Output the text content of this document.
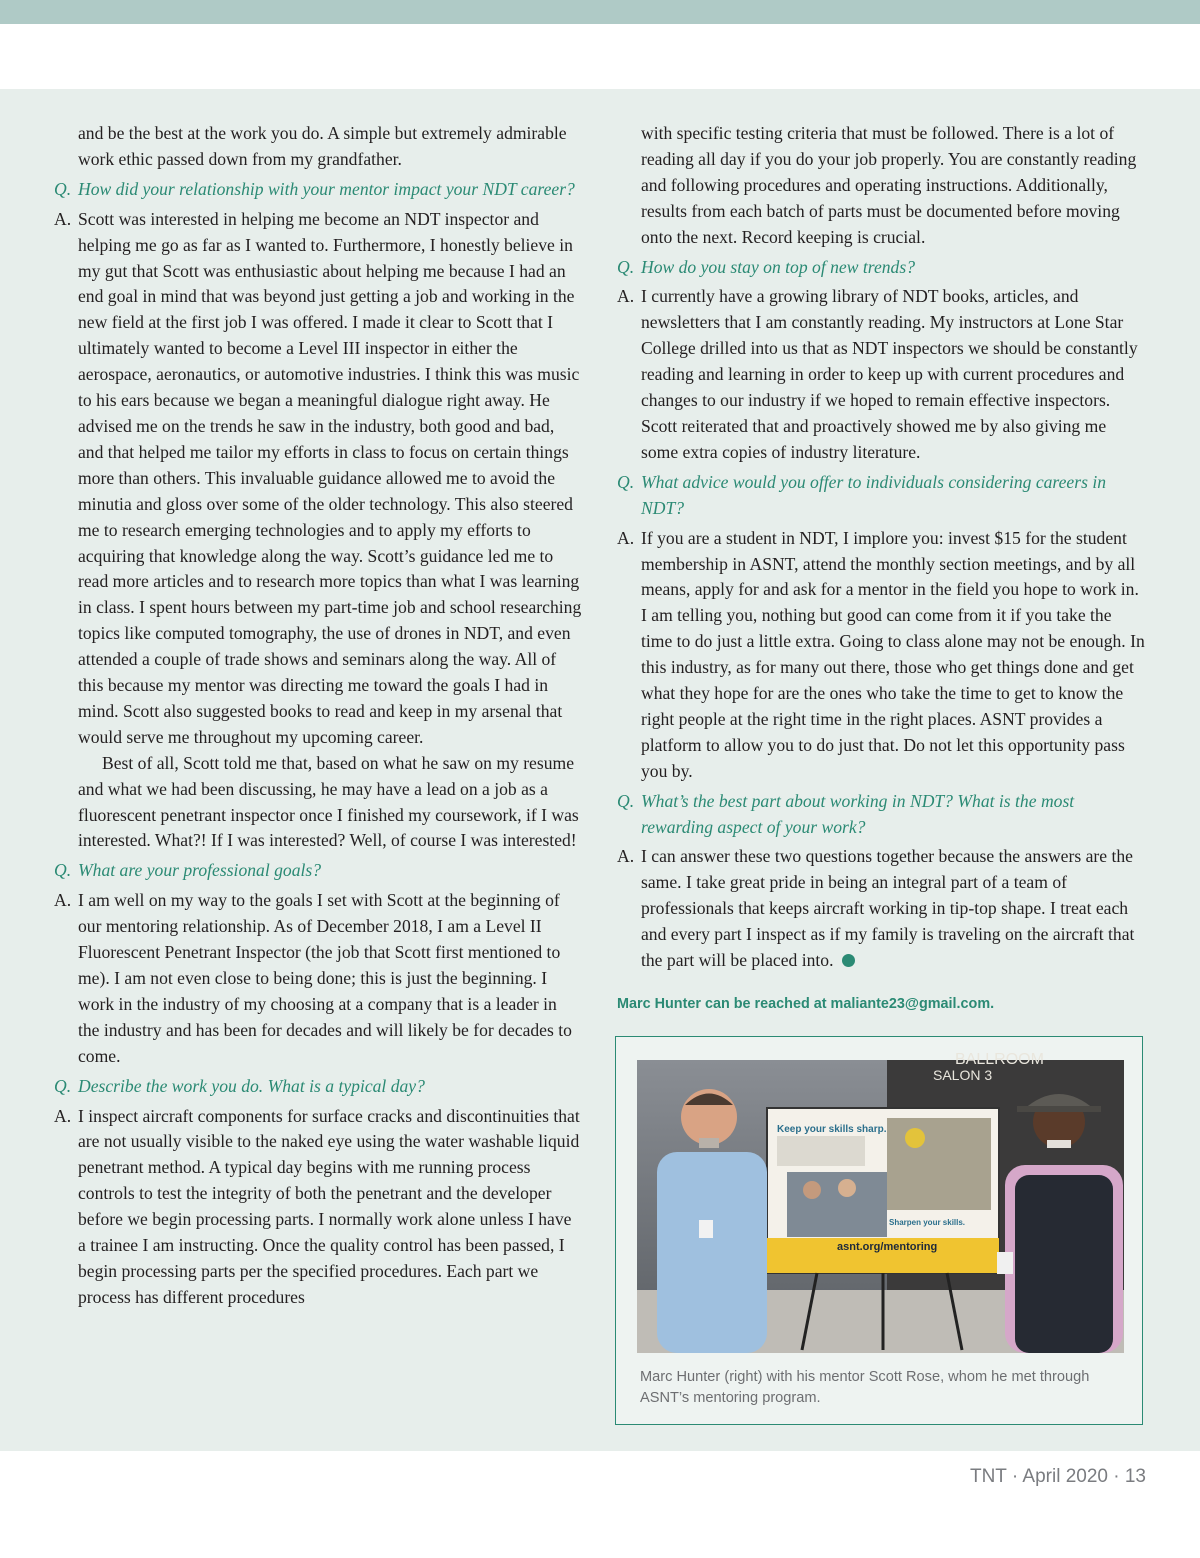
and be the best at the work you do. A simple but extremely admirable work ethic passed down from my grandfather.

Q. How did your relationship with your mentor impact your NDT career?

A. Scott was interested in helping me become an NDT inspector and helping me go as far as I wanted to. Furthermore, I honestly believe in my gut that Scott was enthusiastic about helping me because I had an end goal in mind that was beyond just getting a job and working in the new field at the first job I was offered. I made it clear to Scott that I ultimately wanted to become a Level III inspector in either the aerospace, aeronautics, or automotive industries. I think this was music to his ears because we began a meaningful dialogue right away. He advised me on the trends he saw in the industry, both good and bad, and that helped me tailor my efforts in class to focus on certain things more than others. This invaluable guidance allowed me to avoid the minutia and gloss over some of the older technology. This also steered me to research emerging technologies and to apply my efforts to acquiring that knowledge along the way. Scott’s guidance led me to read more articles and to research more topics than what I was learning in class. I spent hours between my part-time job and school researching topics like computed tomography, the use of drones in NDT, and even attended a couple of trade shows and seminars along the way. All of this because my mentor was directing me toward the goals I had in mind. Scott also suggested books to read and keep in my arsenal that would serve me throughout my upcoming career.

Best of all, Scott told me that, based on what he saw on my resume and what we had been discussing, he may have a lead on a job as a fluorescent penetrant inspector once I finished my coursework, if I was interested. What?! If I was interested? Well, of course I was interested!

Q. What are your professional goals?

A. I am well on my way to the goals I set with Scott at the beginning of our mentoring relationship. As of December 2018, I am a Level II Fluorescent Penetrant Inspector (the job that Scott first mentioned to me). I am not even close to being done; this is just the beginning. I work in the industry of my choosing at a company that is a leader in the industry and has been for decades and will likely be for decades to come.

Q. Describe the work you do. What is a typical day?

A. I inspect aircraft components for surface cracks and discontinuities that are not usually visible to the naked eye using the water washable liquid penetrant method. A typical day begins with me running process controls to test the integrity of both the penetrant and the developer before we begin processing parts. I normally work alone unless I have a trainee I am instructing. Once the quality control has been passed, I begin processing parts per the specified procedures. Each part we process has different procedures

with specific testing criteria that must be followed. There is a lot of reading all day if you do your job properly. You are constantly reading and following procedures and operating instructions. Additionally, results from each batch of parts must be documented before moving onto the next. Record keeping is crucial.

Q. How do you stay on top of new trends?

A. I currently have a growing library of NDT books, articles, and newsletters that I am constantly reading. My instructors at Lone Star College drilled into us that as NDT inspectors we should be constantly reading and learning in order to keep up with current procedures and changes to our industry if we hoped to remain effective inspectors. Scott reiterated that and proactively showed me by also giving me some extra copies of industry literature.

Q. What advice would you offer to individuals considering careers in NDT?

A. If you are a student in NDT, I implore you: invest $15 for the student membership in ASNT, attend the monthly section meetings, and by all means, apply for and ask for a mentor in the field you hope to work in. I am telling you, nothing but good can come from it if you take the time to do just a little extra. Going to class alone may not be enough. In this industry, as for many out there, those who get things done and get what they hope for are the ones who take the time to get to know the right people at the right time in the right places. ASNT provides a platform to allow you to do just that. Do not let this opportunity pass you by.

Q. What’s the best part about working in NDT? What is the most rewarding aspect of your work?

A. I can answer these two questions together because the answers are the same. I take great pride in being an integral part of a team of professionals that keeps aircraft working in tip-top shape. I treat each and every part I inspect as if my family is traveling on the aircraft that the part will be placed into.

Marc Hunter can be reached at maliante23@gmail.com.
BALLROOM
SALON 3
Keep your skills sharp.
Sharpen your skills.
asnt.org/mentoring
Marc Hunter (right) with his mentor Scott Rose, whom he met through ASNT’s mentoring program.
TNT · April 2020 · 13
